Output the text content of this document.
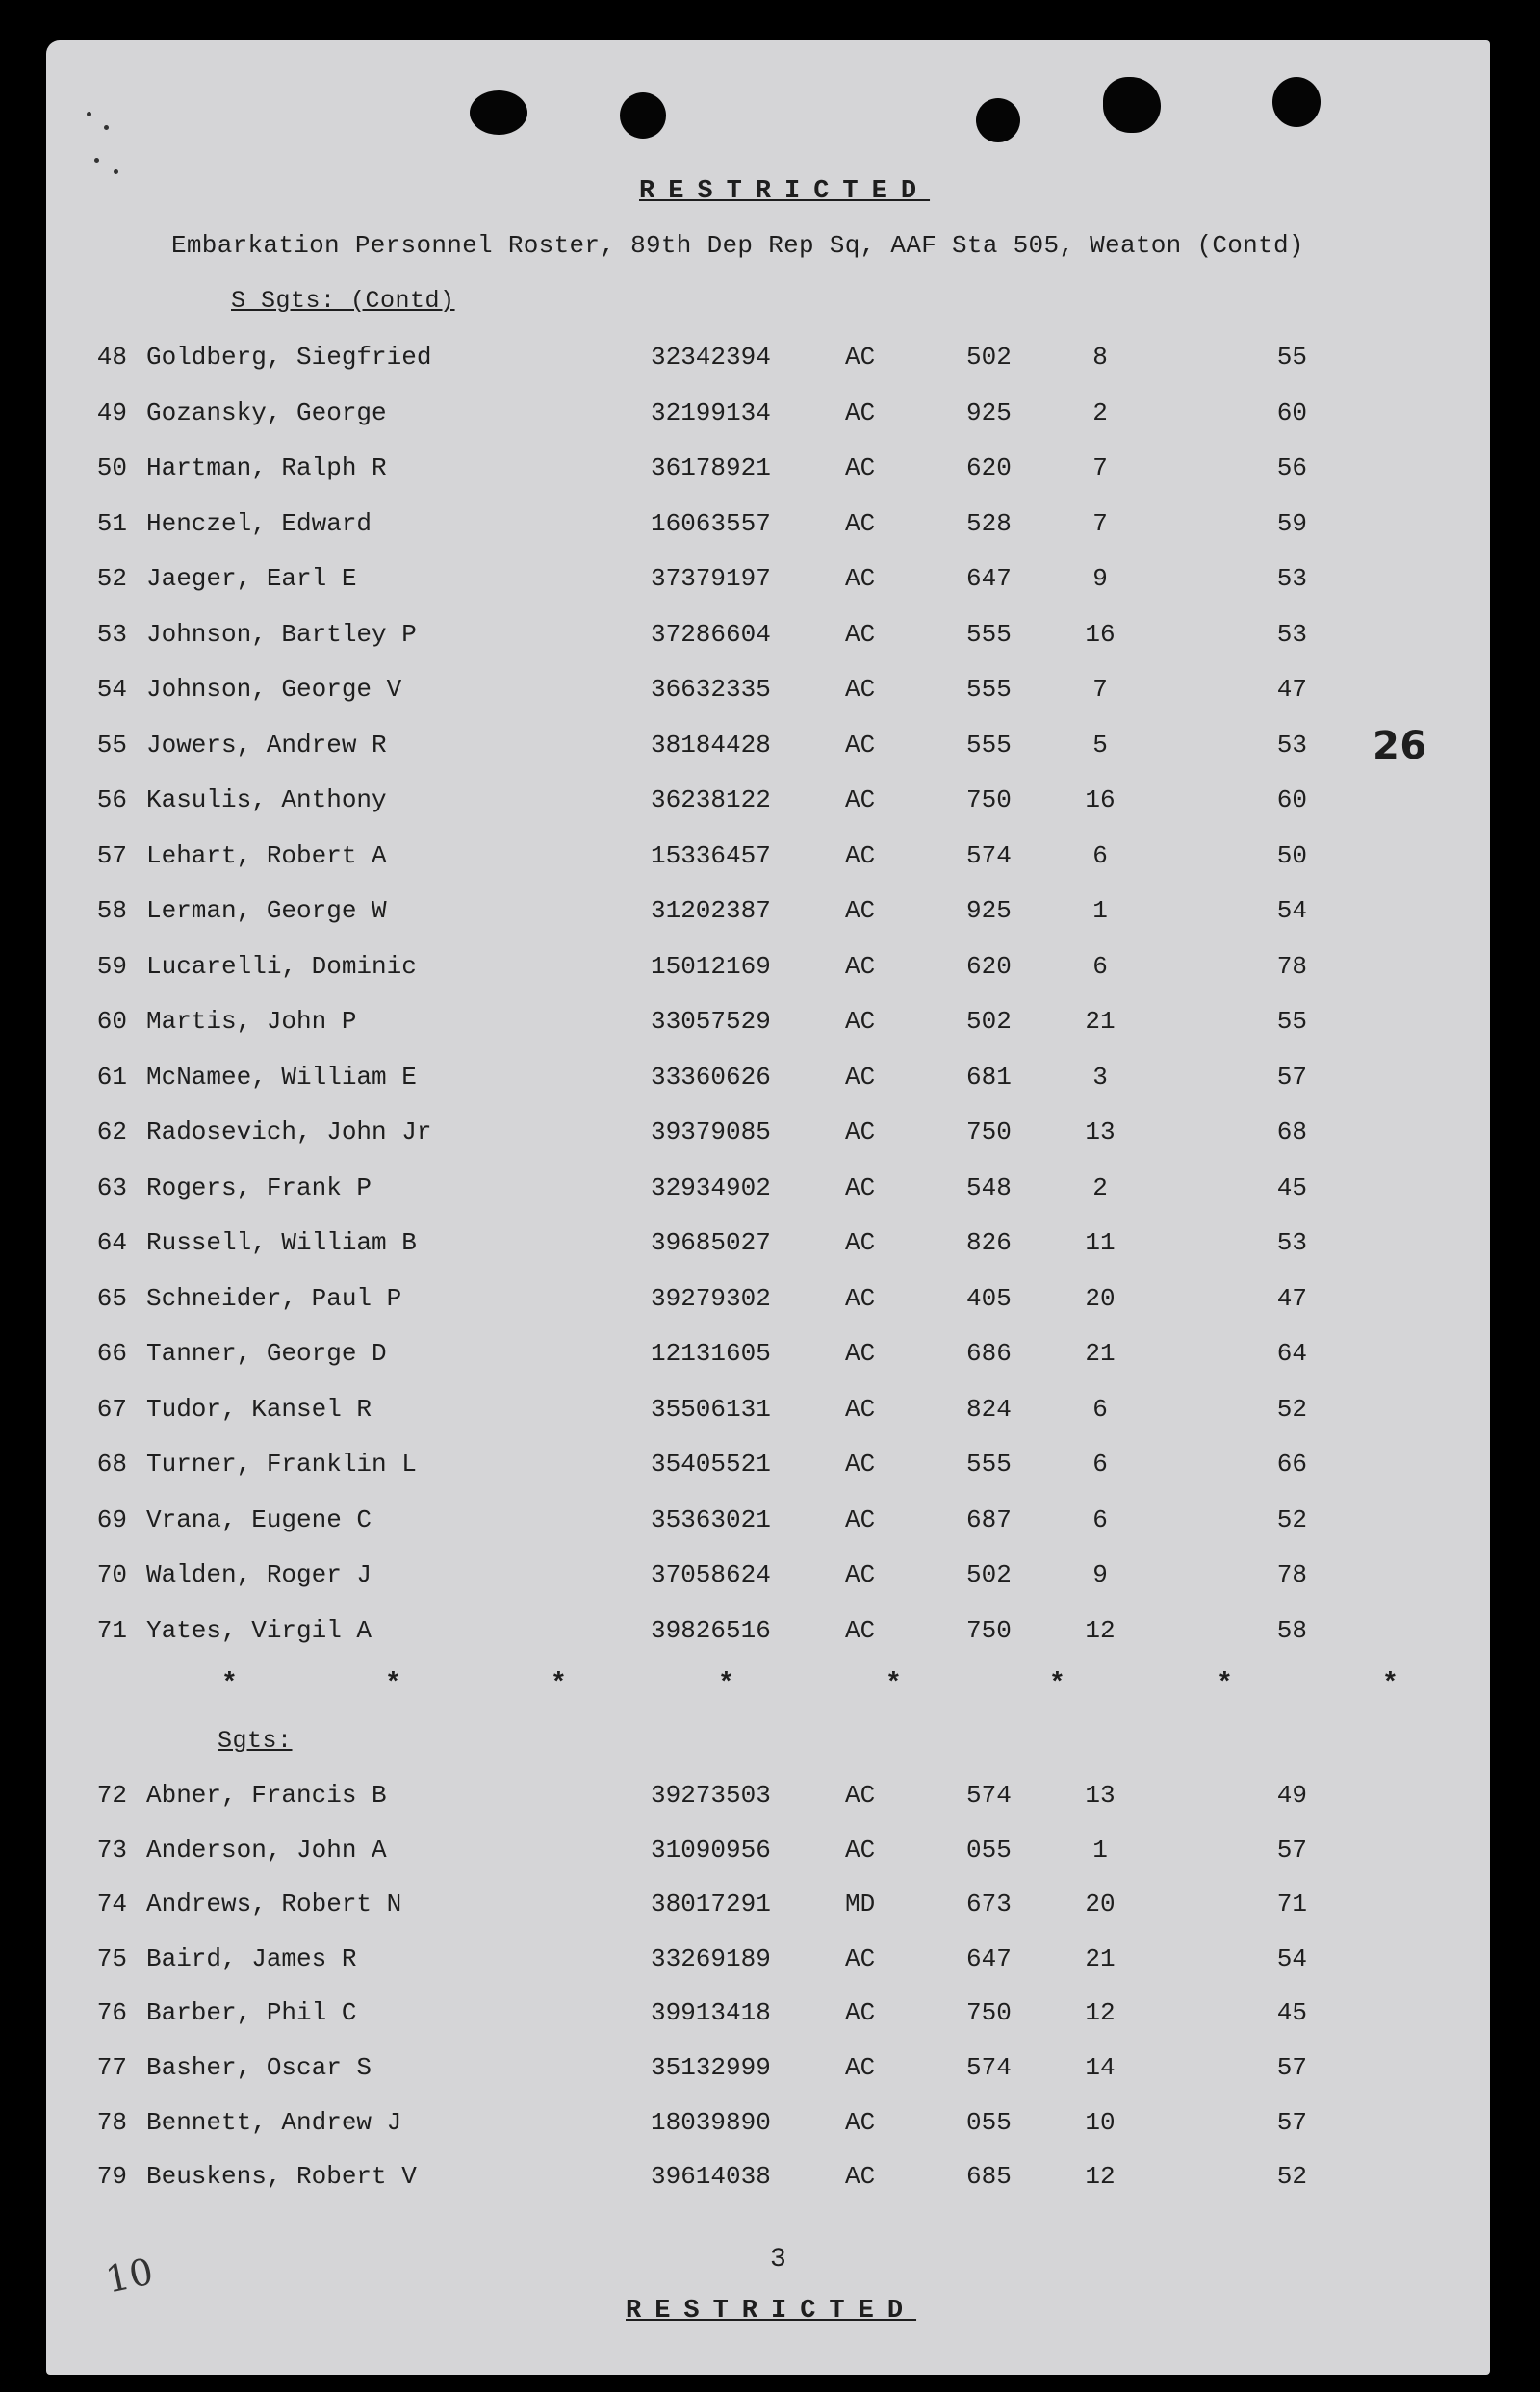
RESTRICTED
Embarkation Personnel Roster, 89th Dep Rep Sq, AAF Sta 505, Weaton (Contd)
S Sgts: (Contd)
48 Goldberg, Siegfried	32342394	AC	502	8	55
49 Gozansky, George	32199134	AC	925	2	60
50 Hartman, Ralph R	36178921	AC	620	7	56
51 Henczel, Edward	16063557	AC	528	7	59
52 Jaeger, Earl E	37379197	AC	647	9	53
53 Johnson, Bartley P	37286604	AC	555	16	53
54 Johnson, George V	36632335	AC	555	7	47
55 Jowers, Andrew R	38184428	AC	555	5	53
56 Kasulis, Anthony	36238122	AC	750	16	60
57 Lehart, Robert A	15336457	AC	574	6	50
58 Lerman, George W	31202387	AC	925	1	54
59 Lucarelli, Dominic	15012169	AC	620	6	78
60 Martis, John P	33057529	AC	502	21	55
61 McNamee, William E	33360626	AC	681	3	57
62 Radosevich, John Jr	39379085	AC	750	13	68
63 Rogers, Frank P	32934902	AC	548	2	45
64 Russell, William B	39685027	AC	826	11	53
65 Schneider, Paul P	39279302	AC	405	20	47
66 Tanner, George D	12131605	AC	686	21	64
67 Tudor, Kansel R	35506131	AC	824	6	52
68 Turner, Franklin L	35405521	AC	555	6	66
69 Vrana, Eugene C	35363021	AC	687	6	52
70 Walden, Roger J	37058624	AC	502	9	78
71 Yates, Virgil A	39826516	AC	750	12	58
*	*	*	*	*	*	*	*
Sgts:
72 Abner, Francis B	39273503	AC	574	13	49
73 Anderson, John A	31090956	AC	055	1	57
74 Andrews, Robert N	38017291	MD	673	20	71
75 Baird, James R	33269189	AC	647	21	54
76 Barber, Phil C	39913418	AC	750	12	45
77 Basher, Oscar S	35132999	AC	574	14	57
78 Bennett, Andrew J	18039890	AC	055	10	57
79 Beuskens, Robert V	39614038	AC	685	12	52
26
3
RESTRICTED
10
